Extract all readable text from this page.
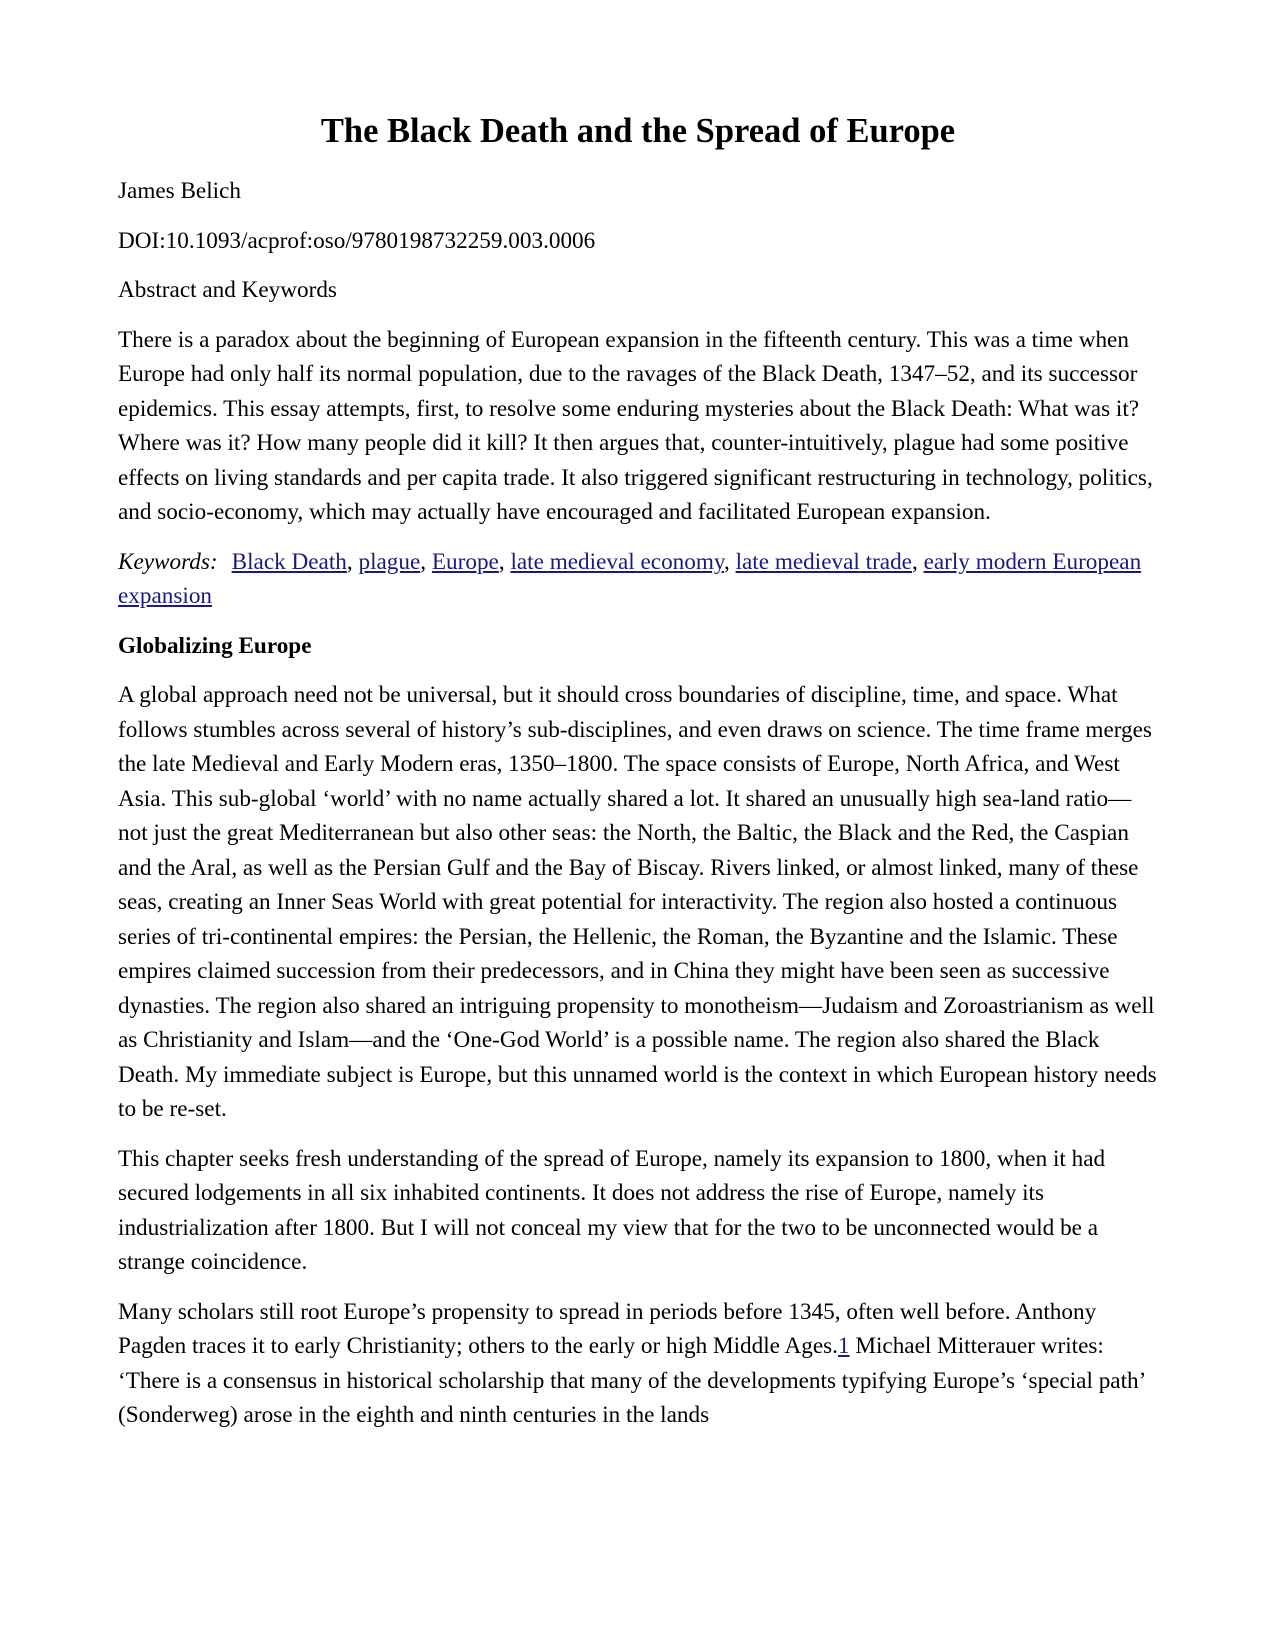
The Black Death and the Spread of Europe

James Belich

DOI:10.1093/acprof:oso/9780198732259.003.0006

Abstract and Keywords

There is a paradox about the beginning of European expansion in the fifteenth century. This was a time when Europe had only half its normal population, due to the ravages of the Black Death, 1347–52, and its successor epidemics. This essay attempts, first, to resolve some enduring mysteries about the Black Death: What was it? Where was it? How many people did it kill? It then argues that, counter-intuitively, plague had some positive effects on living standards and per capita trade. It also triggered significant restructuring in technology, politics, and socio-economy, which may actually have encouraged and facilitated European expansion.

Keywords: Black Death, plague, Europe, late medieval economy, late medieval trade, early modern European expansion

Globalizing Europe

A global approach need not be universal, but it should cross boundaries of discipline, time, and space. What follows stumbles across several of history’s sub-disciplines, and even draws on science. The time frame merges the late Medieval and Early Modern eras, 1350–1800. The space consists of Europe, North Africa, and West Asia. This sub-global ‘world’ with no name actually shared a lot. It shared an unusually high sea-land ratio—not just the great Mediterranean but also other seas: the North, the Baltic, the Black and the Red, the Caspian and the Aral, as well as the Persian Gulf and the Bay of Biscay. Rivers linked, or almost linked, many of these seas, creating an Inner Seas World with great potential for interactivity. The region also hosted a continuous series of tri-continental empires: the Persian, the Hellenic, the Roman, the Byzantine and the Islamic. These empires claimed succession from their predecessors, and in China they might have been seen as successive dynasties. The region also shared an intriguing propensity to monotheism—Judaism and Zoroastrianism as well as Christianity and Islam—and the ‘One-God World’ is a possible name. The region also shared the Black Death. My immediate subject is Europe, but this unnamed world is the context in which European history needs to be re-set.

This chapter seeks fresh understanding of the spread of Europe, namely its expansion to 1800, when it had secured lodgements in all six inhabited continents. It does not address the rise of Europe, namely its industrialization after 1800. But I will not conceal my view that for the two to be unconnected would be a strange coincidence.

Many scholars still root Europe’s propensity to spread in periods before 1345, often well before. Anthony Pagden traces it to early Christianity; others to the early or high Middle Ages.1 Michael Mitterauer writes: ‘There is a consensus in historical scholarship that many of the developments typifying Europe’s ‘special path’ (Sonderweg) arose in the eighth and ninth centuries in the lands
